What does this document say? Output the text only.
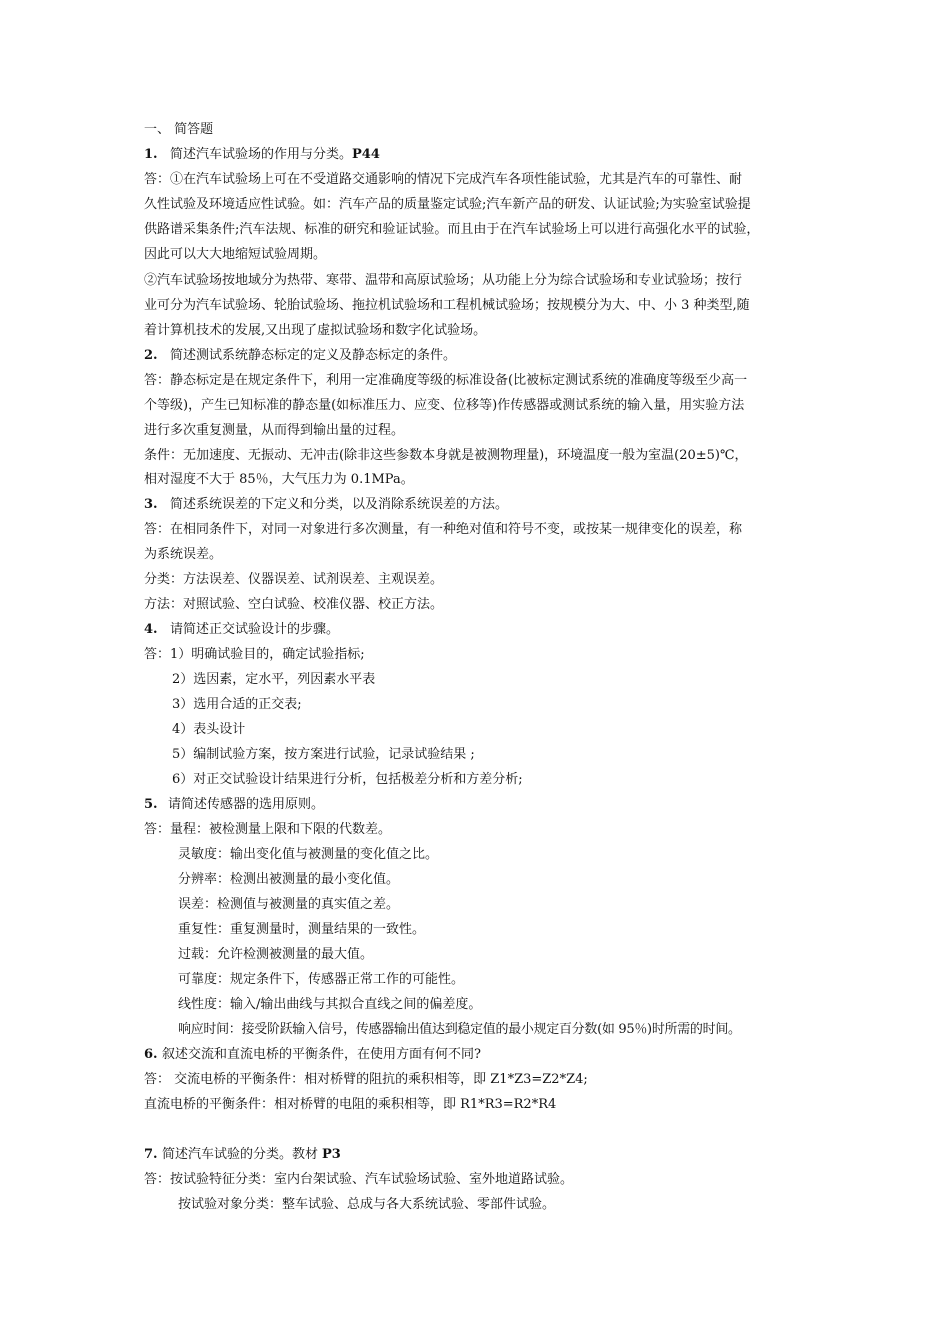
一、 简答题
1. 简述汽车试验场的作用与分类。P44
答：①在汽车试验场上可在不受道路交通影响的情况下完成汽车各项性能试验，尤其是汽车的可靠性、耐
久性试验及环境适应性试验。如：汽车产品的质量鉴定试验;汽车新产品的研发、认证试验;为实验室试验提
供路谱采集条件;汽车法规、标准的研究和验证试验。而且由于在汽车试验场上可以进行高强化水平的试验，
因此可以大大地缩短试验周期。
②汽车试验场按地域分为热带、寒带、温带和高原试验场；从功能上分为综合试验场和专业试验场；按行
业可分为汽车试验场、轮胎试验场、拖拉机试验场和工程机械试验场；按规模分为大、中、小 3 种类型,随
着计算机技术的发展,又出现了虚拟试验场和数字化试验场。
2. 简述测试系统静态标定的定义及静态标定的条件。
答：静态标定是在规定条件下，利用一定准确度等级的标准设备(比被标定测试系统的准确度等级至少高一
个等级)，产生已知标准的静态量(如标准压力、应变、位移等)作传感器或测试系统的输入量，用实验方法
进行多次重复测量，从而得到输出量的过程。
条件：无加速度、无振动、无冲击(除非这些参数本身就是被测物理量)，环境温度一般为室温(20±5)℃，
相对湿度不大于 85％，大气压力为 0.1MPa。
3. 简述系统误差的下定义和分类，以及消除系统误差的方法。
答：在相同条件下，对同一对象进行多次测量，有一种绝对值和符号不变，或按某一规律变化的误差，称
为系统误差。
分类：方法误差、仪器误差、试剂误差、主观误差。
方法：对照试验、空白试验、校准仪器、校正方法。
4. 请简述正交试验设计的步骤。
答：1）明确试验目的，确定试验指标;
2）选因素，定水平，列因素水平表
3）选用合适的正交表;
4）表头设计
5）编制试验方案，按方案进行试验，记录试验结果 ;
6）对正交试验设计结果进行分析，包括极差分析和方差分析;
5. 请简述传感器的选用原则。
答：量程：被检测量上限和下限的代数差。
灵敏度：输出变化值与被测量的变化值之比。
分辨率：检测出被测量的最小变化值。
误差：检测值与被测量的真实值之差。
重复性：重复测量时，测量结果的一致性。
过载：允许检测被测量的最大值。
可靠度：规定条件下，传感器正常工作的可能性。
线性度：输入/输出曲线与其拟合直线之间的偏差度。
响应时间：接受阶跃输入信号，传感器输出值达到稳定值的最小规定百分数(如 95％)时所需的时间。
6. 叙述交流和直流电桥的平衡条件，在使用方面有何不同?
答： 交流电桥的平衡条件：相对桥臂的阻抗的乘积相等，即 Z1*Z3=Z2*Z4;
直流电桥的平衡条件：相对桥臂的电阻的乘积相等，即 R1*R3=R2*R4
7. 简述汽车试验的分类。教材 P3
答：按试验特征分类：室内台架试验、汽车试验场试验、室外地道路试验。
按试验对象分类：整车试验、总成与各大系统试验、零部件试验。
